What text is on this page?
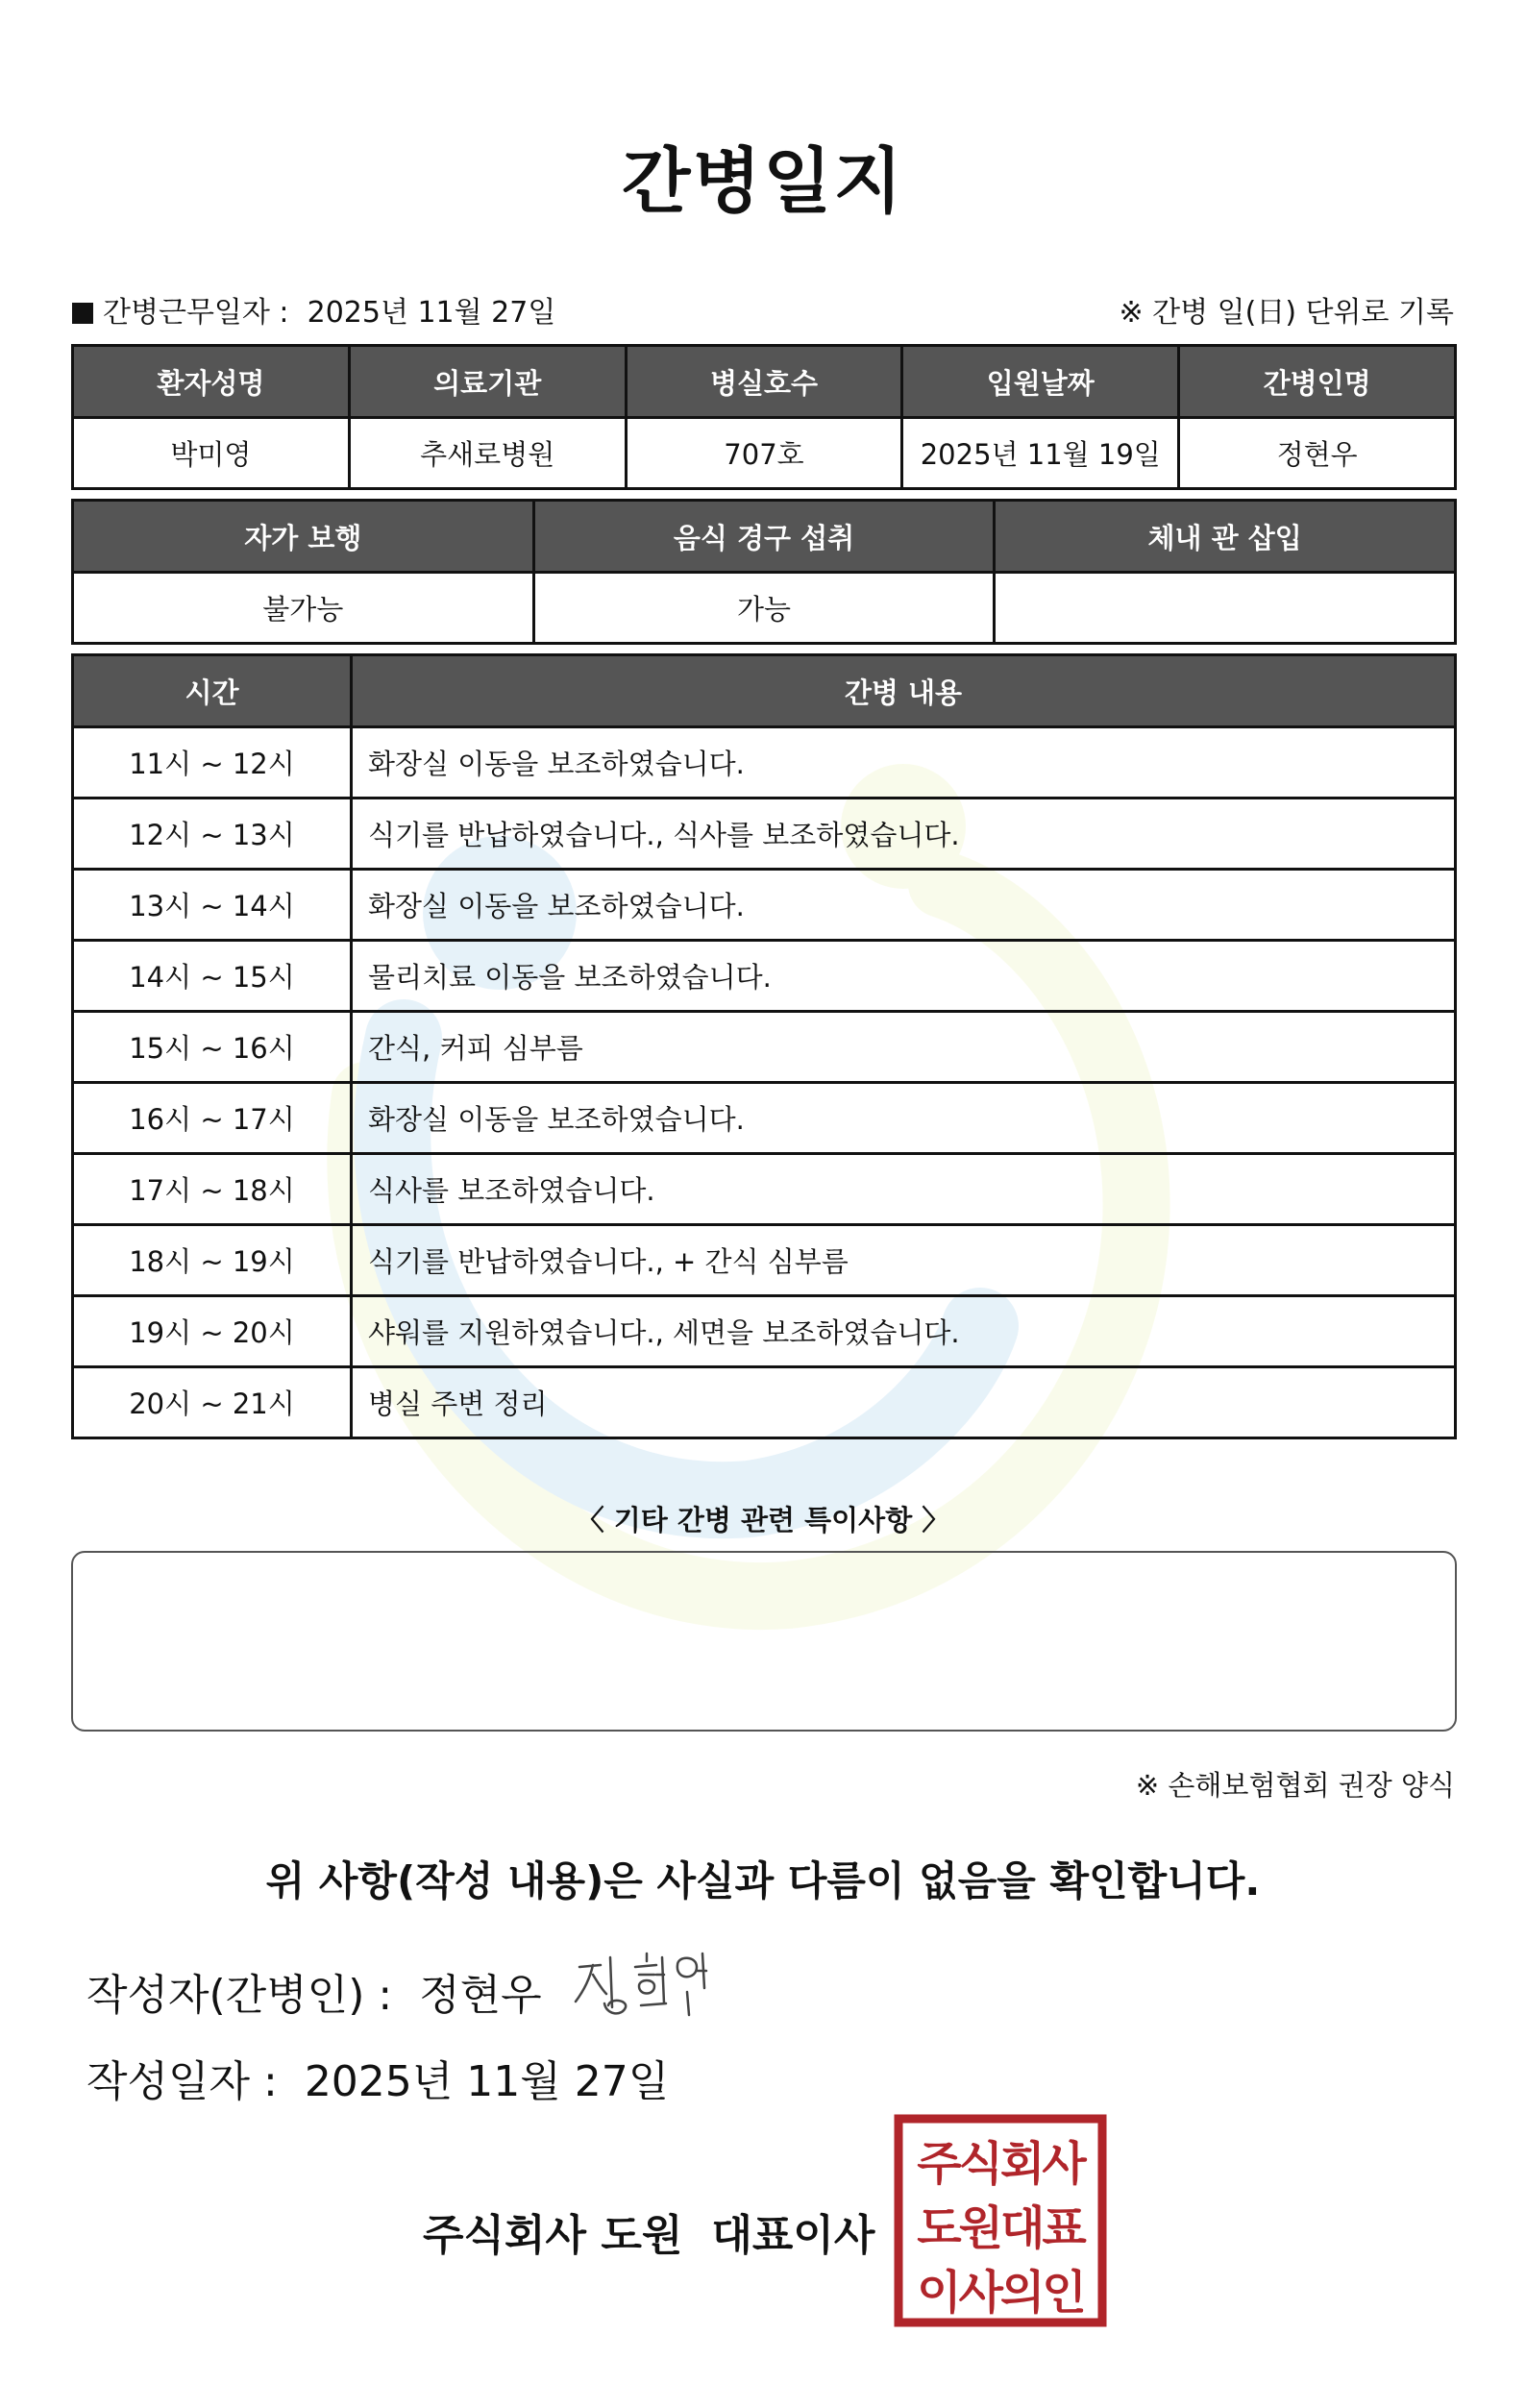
간병일지
간병근무일자 : 2025년 11월 27일	※ 간병 일(日) 단위로 기록
환자성명	의료기관	병실호수	입원날짜	간병인명
박미영	추새로병원	707호	2025년 11월 19일	정현우
자가 보행	음식 경구 섭취	체내 관 삽입
불가능	가능	
시간	간병 내용
11시 ~ 12시	화장실 이동을 보조하였습니다.
12시 ~ 13시	식기를 반납하였습니다., 식사를 보조하였습니다.
13시 ~ 14시	화장실 이동을 보조하였습니다.
14시 ~ 15시	물리치료 이동을 보조하였습니다.
15시 ~ 16시	간식, 커피 심부름
16시 ~ 17시	화장실 이동을 보조하였습니다.
17시 ~ 18시	식사를 보조하였습니다.
18시 ~ 19시	식기를 반납하였습니다., + 간식 심부름
19시 ~ 20시	샤워를 지원하였습니다., 세면을 보조하였습니다.
20시 ~ 21시	병실 주변 정리
〈 기타 간병 관련 특이사항 〉
※ 손해보험협회 권장 양식
위 사항(작성 내용)은 사실과 다름이 없음을 확인합니다.
작성자(간병인) : 정현우
작성일자 : 2025년 11월 27일
주식회사 도원 대표이사
주식회사
도원대표
이사의인
